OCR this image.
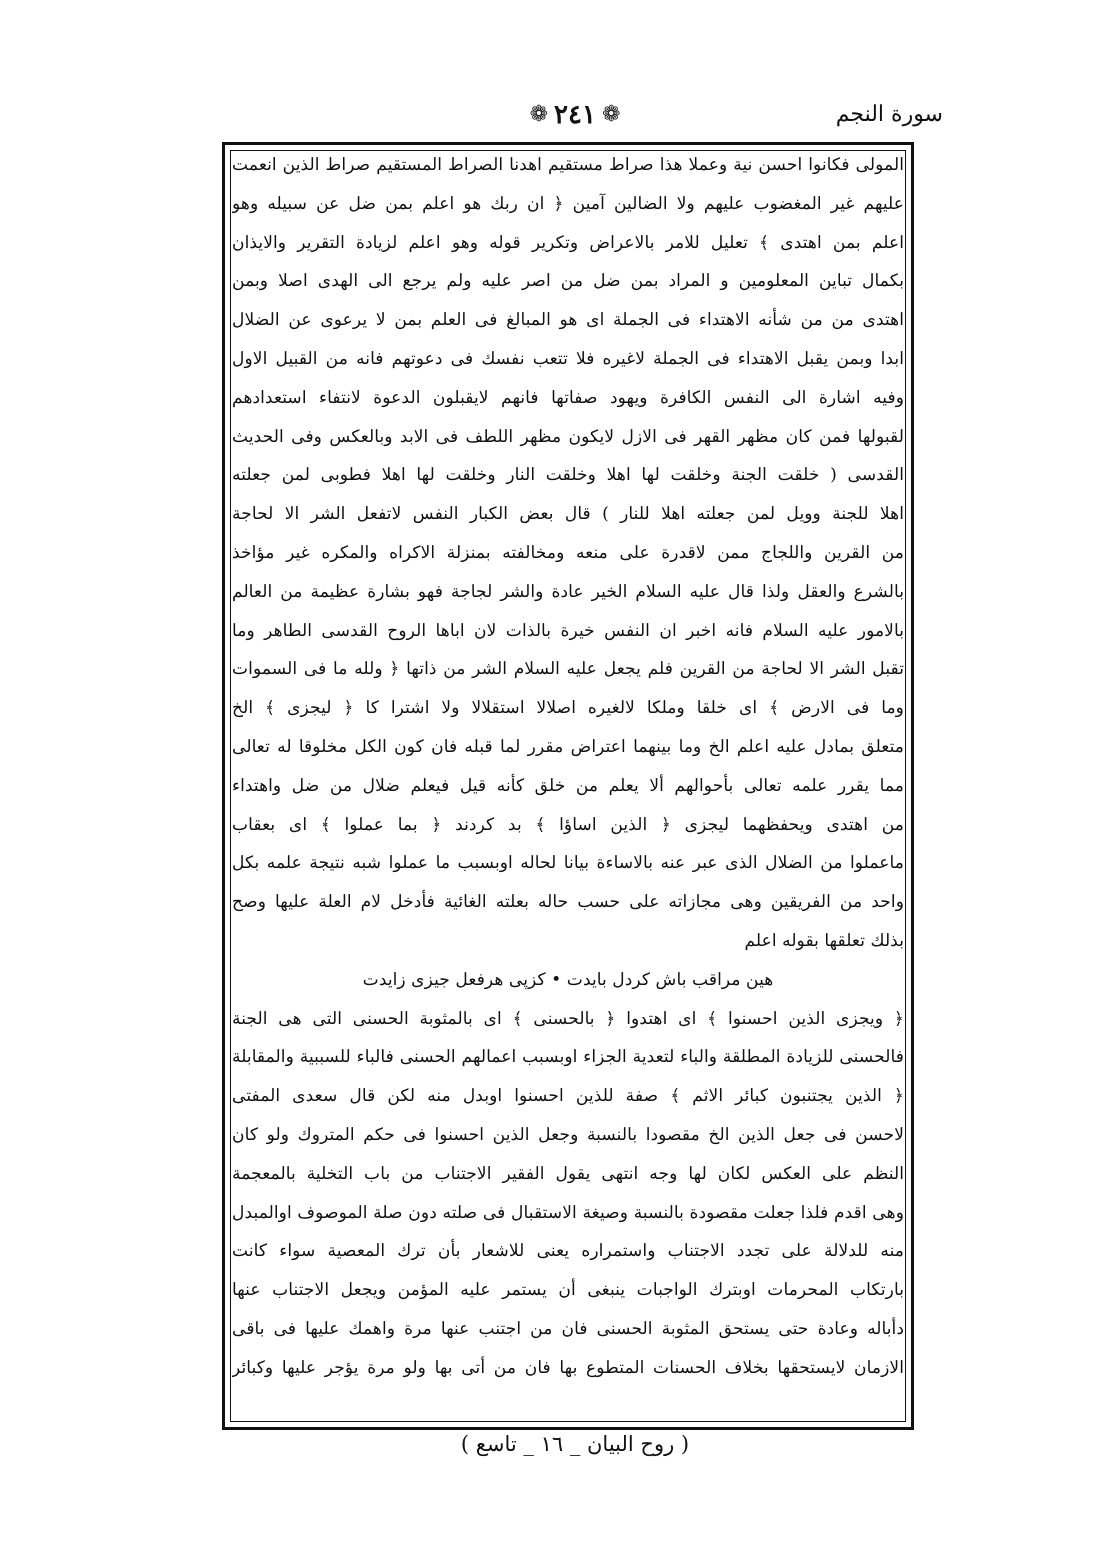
سورة النجم
❁ ٢٤١ ❁
المولى فكانوا احسن نية وعملا هذا صراط مستقيم اهدنا الصراط المستقيم صراط الذين انعمت
عليهم غير المغضوب عليهم ولا الضالين آمين ﴿ ان ربك هو اعلم بمن ضل عن سبيله وهو
اعلم بمن اهتدى ﴾ تعليل للامر بالاعراض وتكرير قوله وهو اعلم لزيادة التقرير والايذان
بكمال تباين المعلومين و المراد بمن ضل من اصر عليه ولم يرجع الى الهدى اصلا وبمن
اهتدى من من شأنه الاهتداء فى الجملة اى هو المبالغ فى العلم بمن لا يرعوى عن الضلال
ابدا وبمن يقبل الاهتداء فى الجملة لاغيره فلا تتعب نفسك فى دعوتهم فانه من القبيل الاول
وفيه اشارة الى النفس الكافرة ويهود صفاتها فانهم لايقبلون الدعوة لانتفاء استعدادهم
لقبولها فمن كان مظهر القهر فى الازل لايكون مظهر اللطف فى الابد وبالعكس وفى الحديث
القدسى ( خلقت الجنة وخلقت لها اهلا وخلقت النار وخلقت لها اهلا فطوبى لمن جعلته
اهلا للجنة وويل لمن جعلته اهلا للنار ) قال بعض الكبار النفس لاتفعل الشر الا لحاجة
من القرين واللجاج ممن لاقدرة على منعه ومخالفته بمنزلة الاكراه والمكره غير مؤاخذ
بالشرع والعقل ولذا قال عليه السلام الخير عادة والشر لجاجة فهو بشارة عظيمة من العالم
بالامور عليه السلام فانه اخبر ان النفس خيرة بالذات لان اباها الروح القدسى الطاهر وما
تقبل الشر الا لحاجة من القرين فلم يجعل عليه السلام الشر من ذاتها ﴿ ولله ما فى السموات
وما فى الارض ﴾ اى خلقا وملكا لالغيره اصلالا استقلالا ولا اشترا كا ﴿ ليجزى ﴾ الخ
متعلق بمادل عليه اعلم الخ وما بينهما اعتراض مقرر لما قبله فان كون الكل مخلوقا له تعالى
مما يقرر علمه تعالى بأحوالهم ألا يعلم من خلق كأنه قيل فيعلم ضلال من ضل واهتداء
من اهتدى ويحفظهما ليجزى ﴿ الذين اساؤا ﴾ بد كردند ﴿ بما عملوا ﴾ اى بعقاب
ماعملوا من الضلال الذى عبر عنه بالاساءة بيانا لحاله اوبسبب ما عملوا شبه نتيجة علمه بكل
واحد من الفريقين وهى مجازاته على حسب حاله بعلته الغائية فأدخل لام العلة عليها وصح
بذلك تعلقها بقوله اعلم
هين مراقب باش كردل بايدت • كزپى هرفعل جيزى زايدت
﴿ ويجزى الذين احسنوا ﴾ اى اهتدوا ﴿ بالحسنى ﴾ اى بالمثوبة الحسنى التى هى الجنة
فالحسنى للزيادة المطلقة والباء لتعدية الجزاء اوبسبب اعمالهم الحسنى فالباء للسببية والمقابلة
﴿ الذين يجتنبون كبائر الاثم ﴾ صفة للذين احسنوا اوبدل منه لكن قال سعدى المفتى
لاحسن فى جعل الذين الخ مقصودا بالنسبة وجعل الذين احسنوا فى حكم المتروك ولو كان
النظم على العكس لكان لها وجه انتهى يقول الفقير الاجتناب من باب التخلية بالمعجمة
وهى اقدم فلذا جعلت مقصودة بالنسبة وصيغة الاستقبال فى صلته دون صلة الموصوف اوالمبدل
منه للدلالة على تجدد الاجتناب واستمراره يعنى للاشعار بأن ترك المعصية سواء كانت
بارتكاب المحرمات اوبترك الواجبات ينبغى أن يستمر عليه المؤمن ويجعل الاجتناب عنها
دأباله وعادة حتى يستحق المثوبة الحسنى فان من اجتنب عنها مرة واهمك عليها فى باقى
الازمان لايستحقها بخلاف الحسنات المتطوع بها فان من أتى بها ولو مرة يؤجر عليها وكبائر
( روح البيان _ ١٦ _ تاسع )
